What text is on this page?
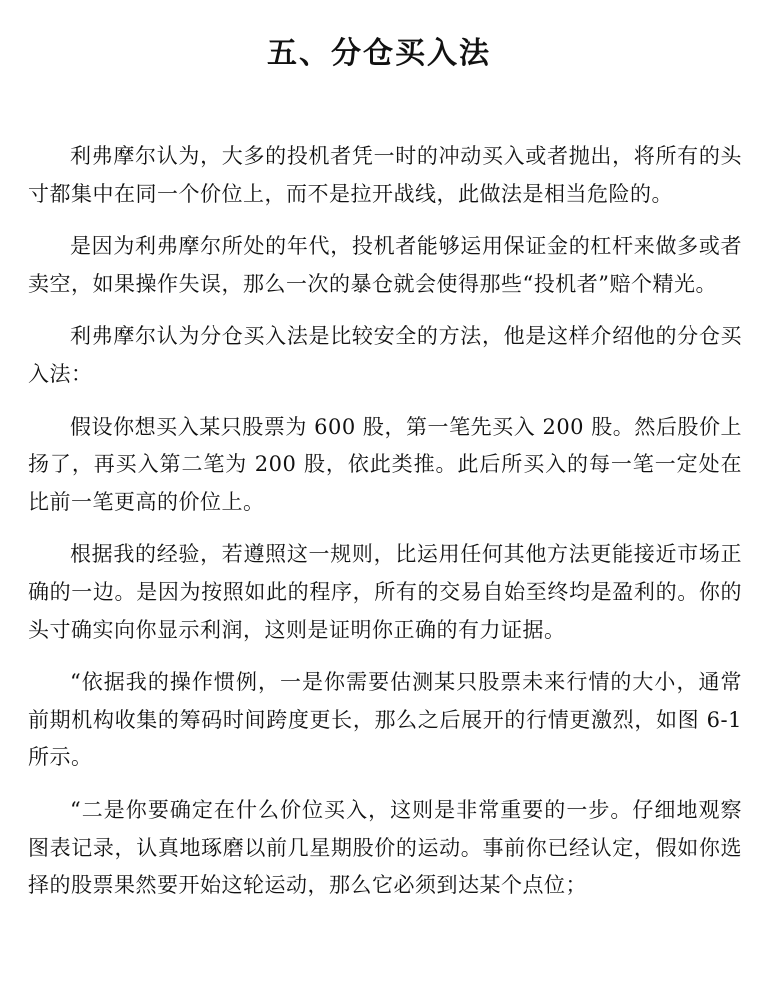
五、分仓买入法

利弗摩尔认为，大多的投机者凭一时的冲动买入或者抛出，将所有的头寸都集中在同一个价位上，而不是拉开战线，此做法是相当危险的。

是因为利弗摩尔所处的年代，投机者能够运用保证金的杠杆来做多或者卖空，如果操作失误，那么一次的暴仓就会使得那些“投机者”赔个精光。

利弗摩尔认为分仓买入法是比较安全的方法，他是这样介绍他的分仓买入法：

假设你想买入某只股票为 600 股，第一笔先买入 200 股。然后股价上扬了，再买入第二笔为 200 股，依此类推。此后所买入的每一笔一定处在比前一笔更高的价位上。

根据我的经验，若遵照这一规则，比运用任何其他方法更能接近市场正确的一边。是因为按照如此的程序，所有的交易自始至终均是盈利的。你的头寸确实向你显示利润，这则是证明你正确的有力证据。

“依据我的操作惯例，一是你需要估测某只股票未来行情的大小，通常前期机构收集的筹码时间跨度更长，那么之后展开的行情更激烈，如图 6-1 所示。

“二是你要确定在什么价位买入，这则是非常重要的一步。仔细地观察图表记录，认真地琢磨以前几星期股价的运动。事前你已经认定，假如你选择的股票果然要开始这轮运动，那么它必须到达某个点位；
